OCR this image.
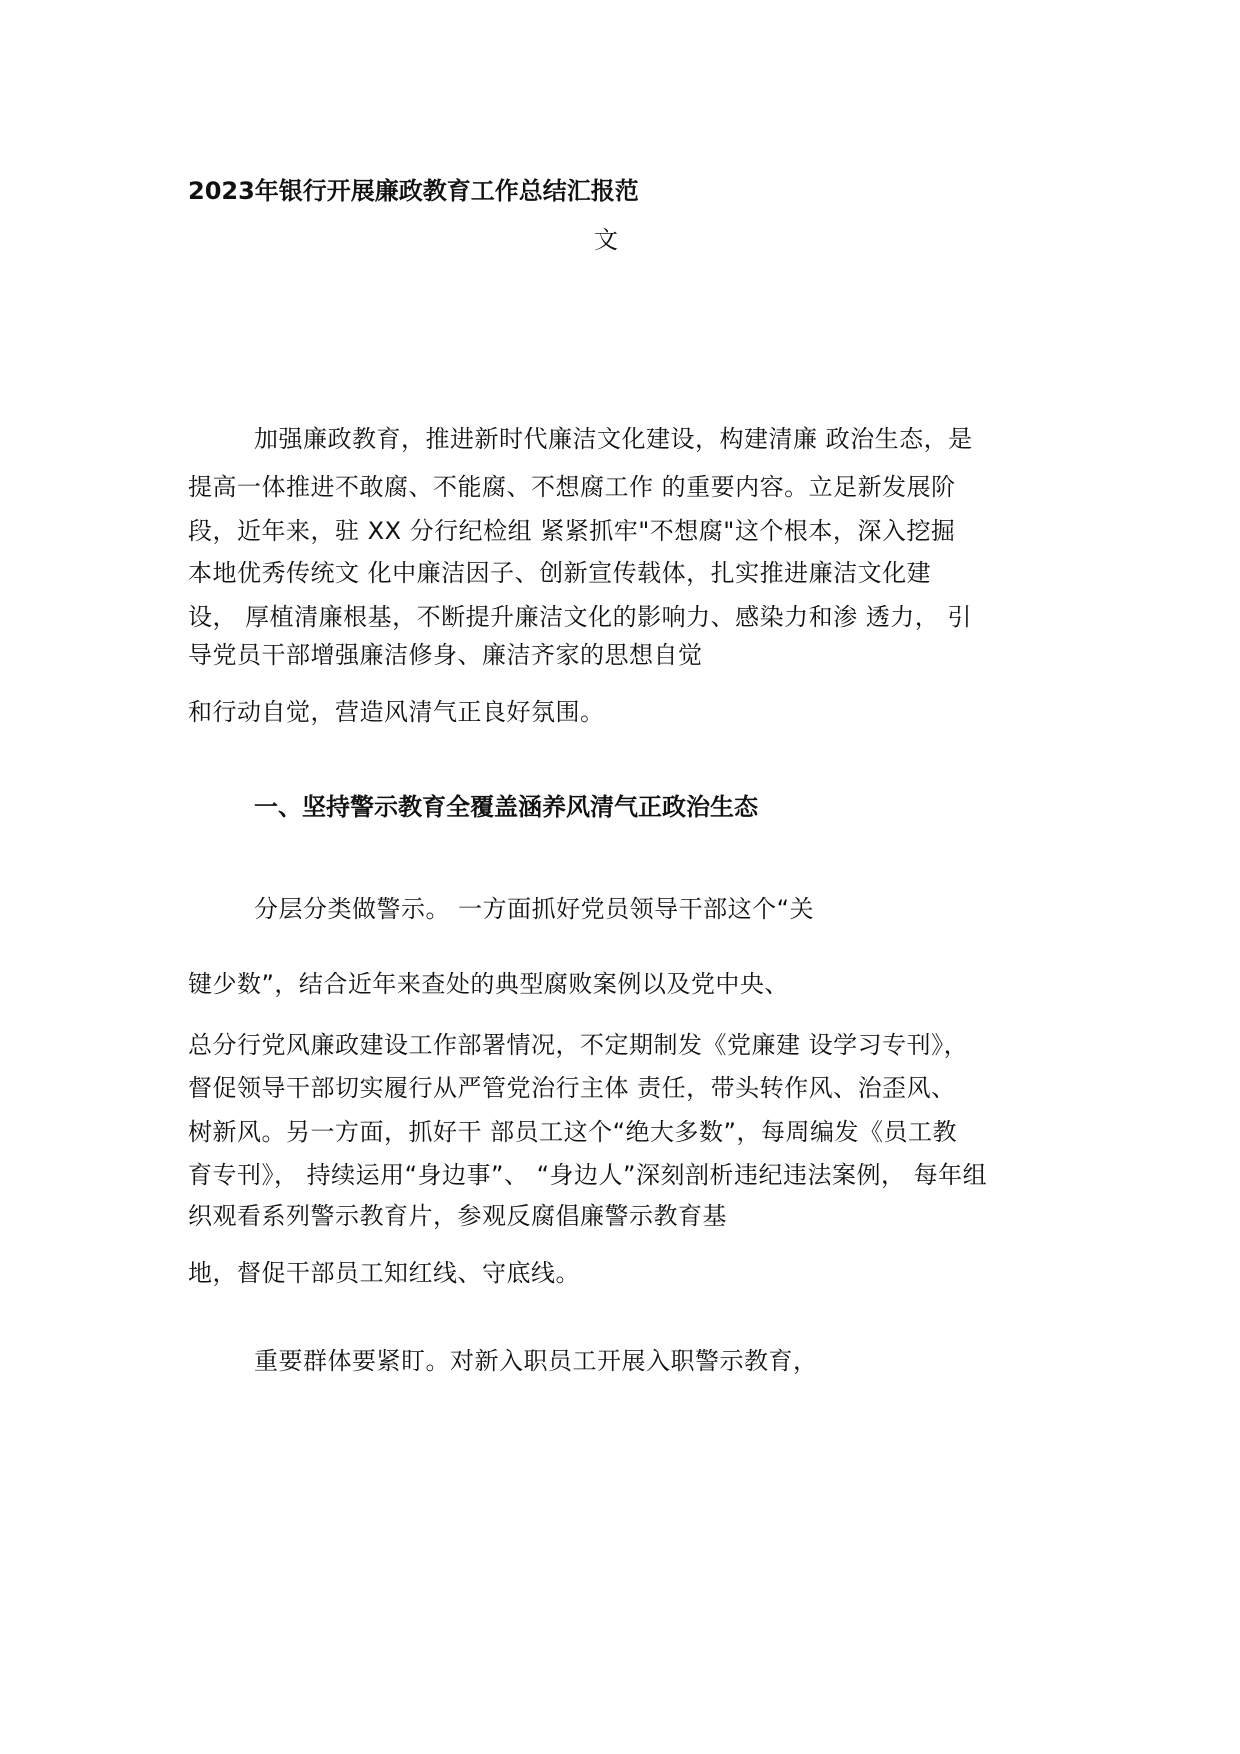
2023年银行开展廉政教育工作总结汇报范
文
加强廉政教育，推进新时代廉洁文化建设，构建清廉 政治生态，是
提高一体推进不敢腐、不能腐、不想腐工作 的重要内容。立足新发展阶
段，近年来，驻 XX 分行纪检组 紧紧抓牢"不想腐"这个根本，深入挖掘
本地优秀传统文 化中廉洁因子、创新宣传载体，扎实推进廉洁文化建
设， 厚植清廉根基，不断提升廉洁文化的影响力、感染力和渗 透力， 引
导党员干部增强廉洁修身、廉洁齐家的思想自觉
和行动自觉，营造风清气正良好氛围。
一、坚持警示教育全覆盖涵养风清气正政治生态
分层分类做警示。 一方面抓好党员领导干部这个“关
键少数”，结合近年来查处的典型腐败案例以及党中央、
总分行党风廉政建设工作部署情况，不定期制发《党廉建 设学习专刊》，
督促领导干部切实履行从严管党治行主体 责任，带头转作风、治歪风、
树新风。另一方面，抓好干 部员工这个“绝大多数”，每周编发《员工教
育专刊》， 持续运用“身边事”、 “身边人”深刻剖析违纪违法案例， 每年组
织观看系列警示教育片，参观反腐倡廉警示教育基
地，督促干部员工知红线、守底线。
重要群体要紧盯。对新入职员工开展入职警示教育，
